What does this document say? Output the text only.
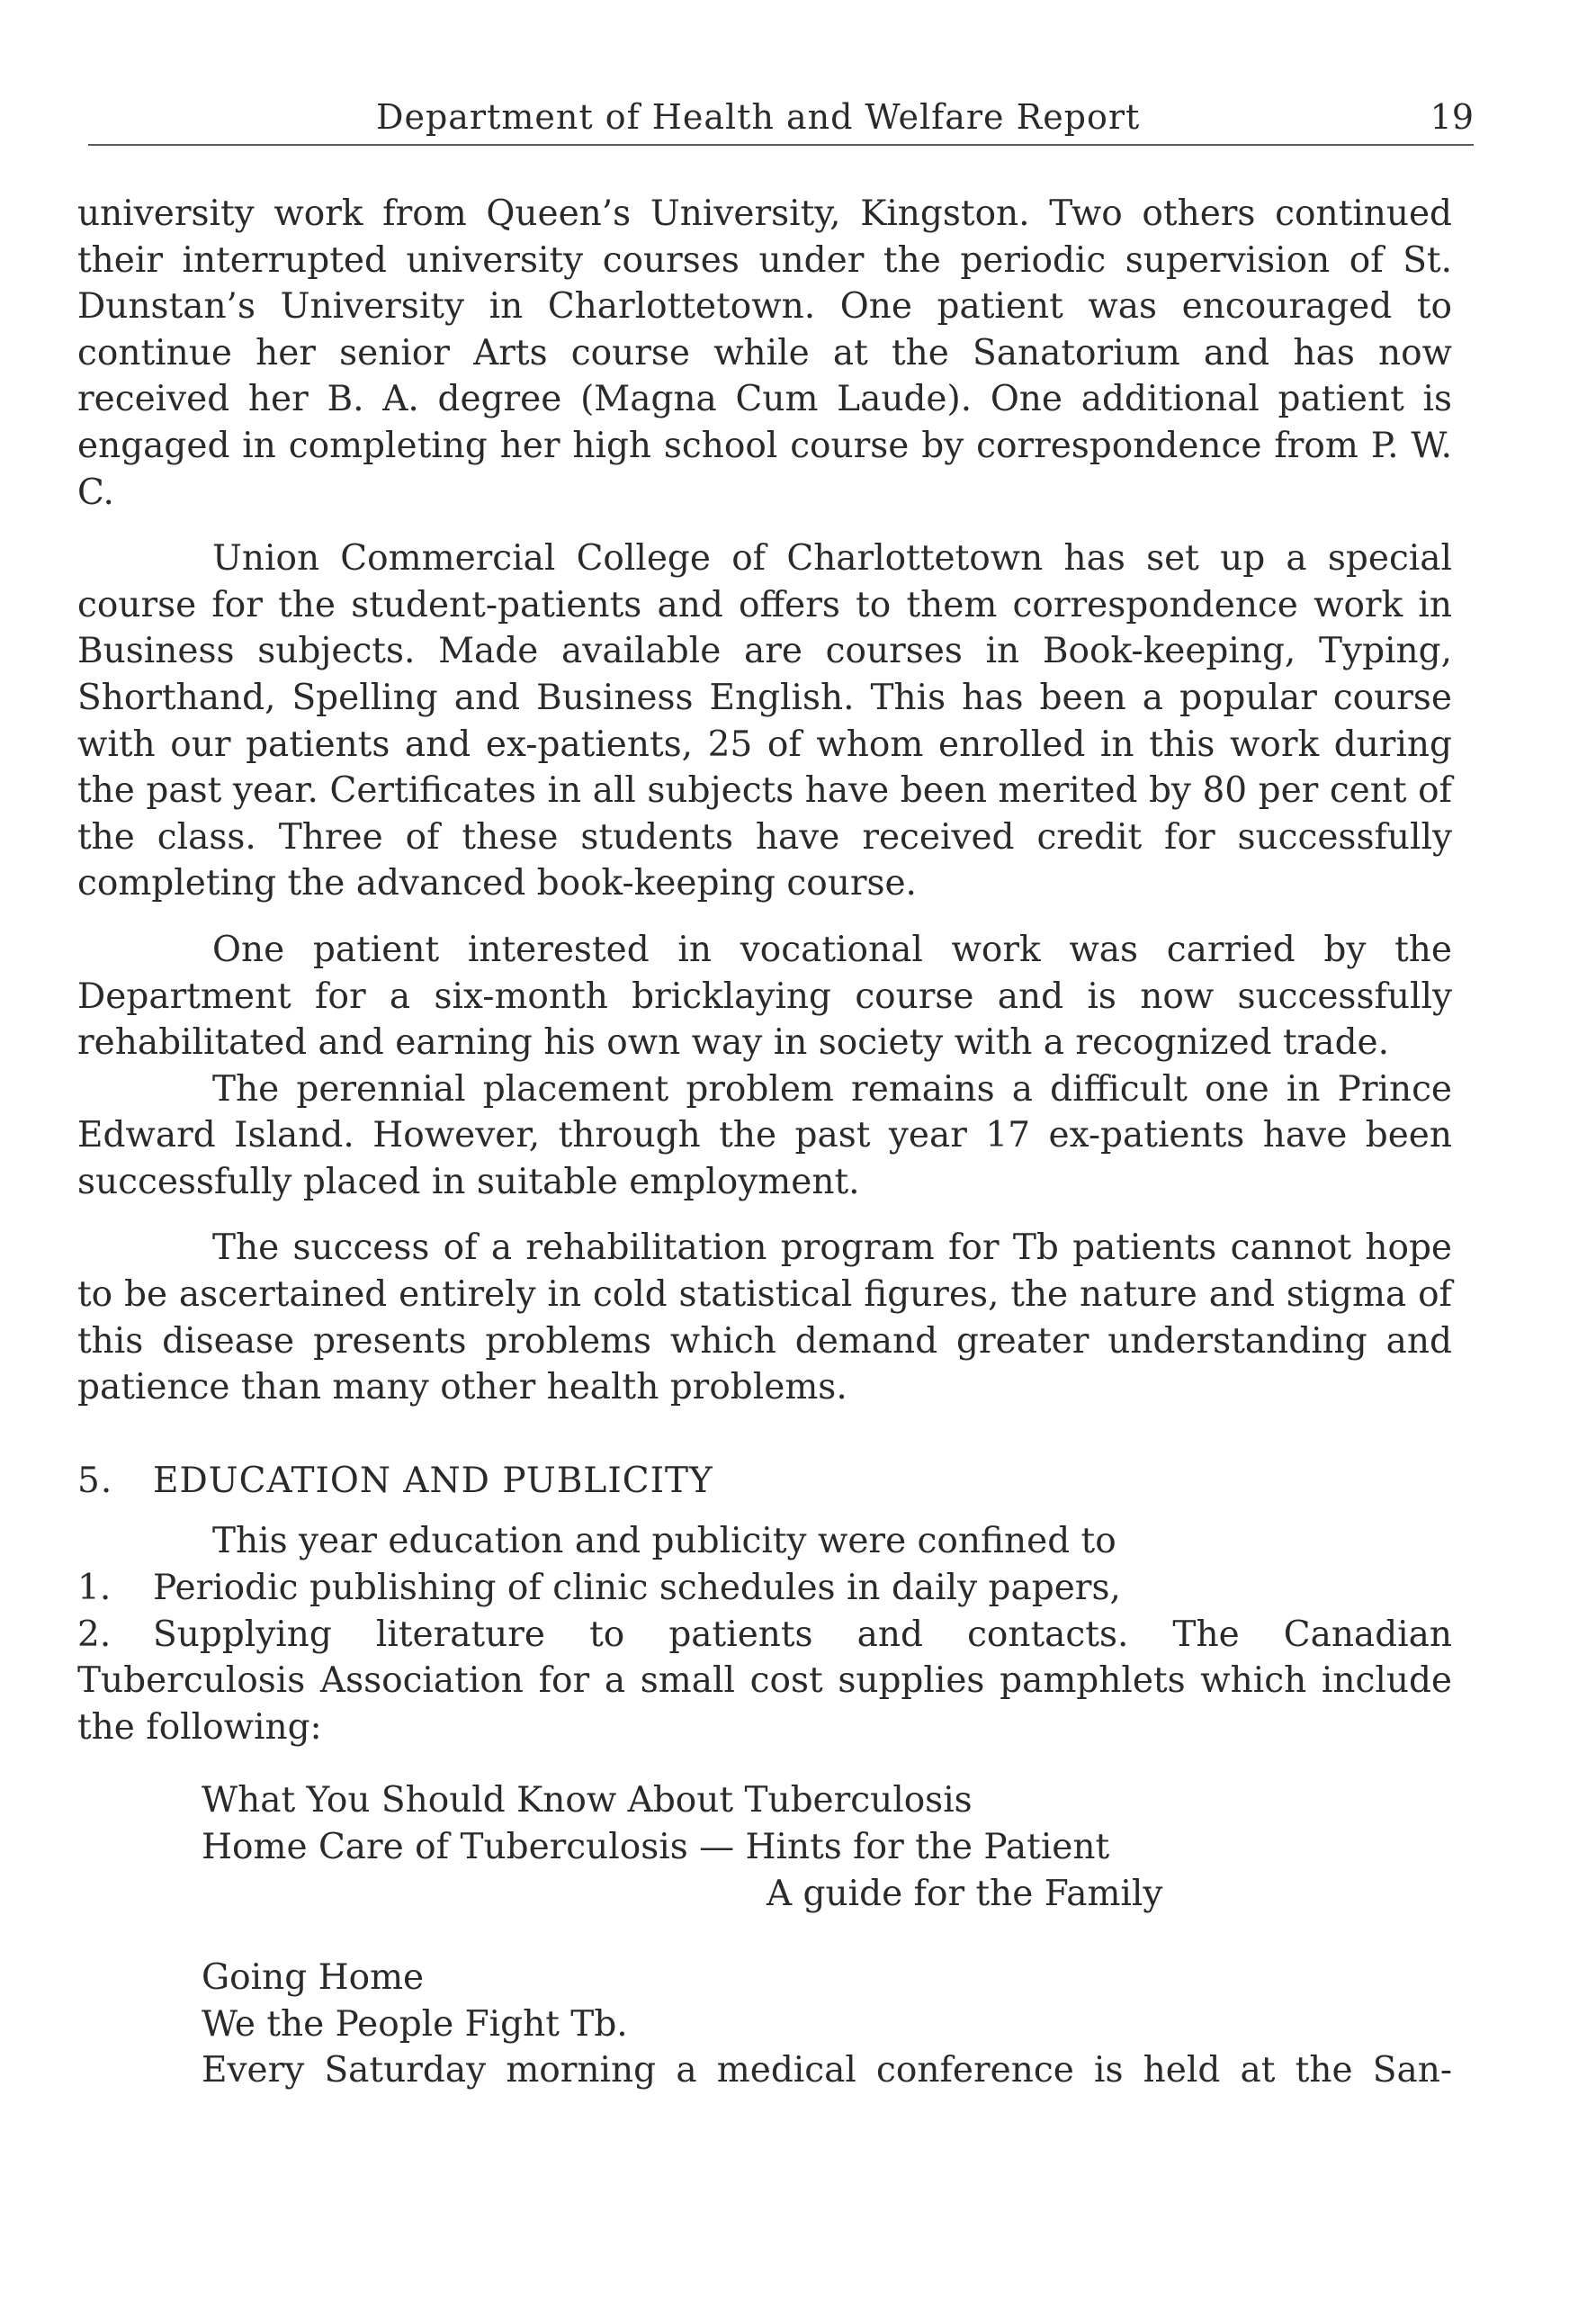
Department of Health and Welfare Report	19

university work from Queen’s University, Kingston. Two others continued their interrupted university courses under the periodic supervision of St. Dunstan’s University in Charlottetown. One patient was encouraged to continue her senior Arts course while at the Sanatorium and has now received her B. A. degree (Magna Cum Laude). One additional patient is engaged in completing her high school course by correspondence from P. W. C.

Union Commercial College of Charlottetown has set up a special course for the student-patients and offers to them correspondence work in Business subjects. Made available are courses in Book-keeping, Typing, Shorthand, Spelling and Business English. This has been a popular course with our patients and ex-patients, 25 of whom enrolled in this work during the past year. Certificates in all subjects have been merited by 80 per cent of the class. Three of these students have received credit for successfully completing the advanced book-keeping course.

One patient interested in vocational work was carried by the Department for a six-month bricklaying course and is now successfully rehabilitated and earning his own way in society with a recognized trade.

The perennial placement problem remains a difficult one in Prince Edward Island. However, through the past year 17 ex-patients have been successfully placed in suitable employment.

The success of a rehabilitation program for Tb patients cannot hope to be ascertained entirely in cold statistical figures, the nature and stigma of this disease presents problems which demand greater understanding and patience than many other health problems.

5. EDUCATION AND PUBLICITY

This year education and publicity were confined to

1. Periodic publishing of clinic schedules in daily papers,

2. Supplying literature to patients and contacts. The Canadian Tuberculosis Association for a small cost supplies pamphlets which include the following:

What You Should Know About Tuberculosis
Home Care of Tuberculosis — Hints for the Patient
A guide for the Family
Going Home
We the People Fight Tb.

Every Saturday morning a medical conference is held at the San-
